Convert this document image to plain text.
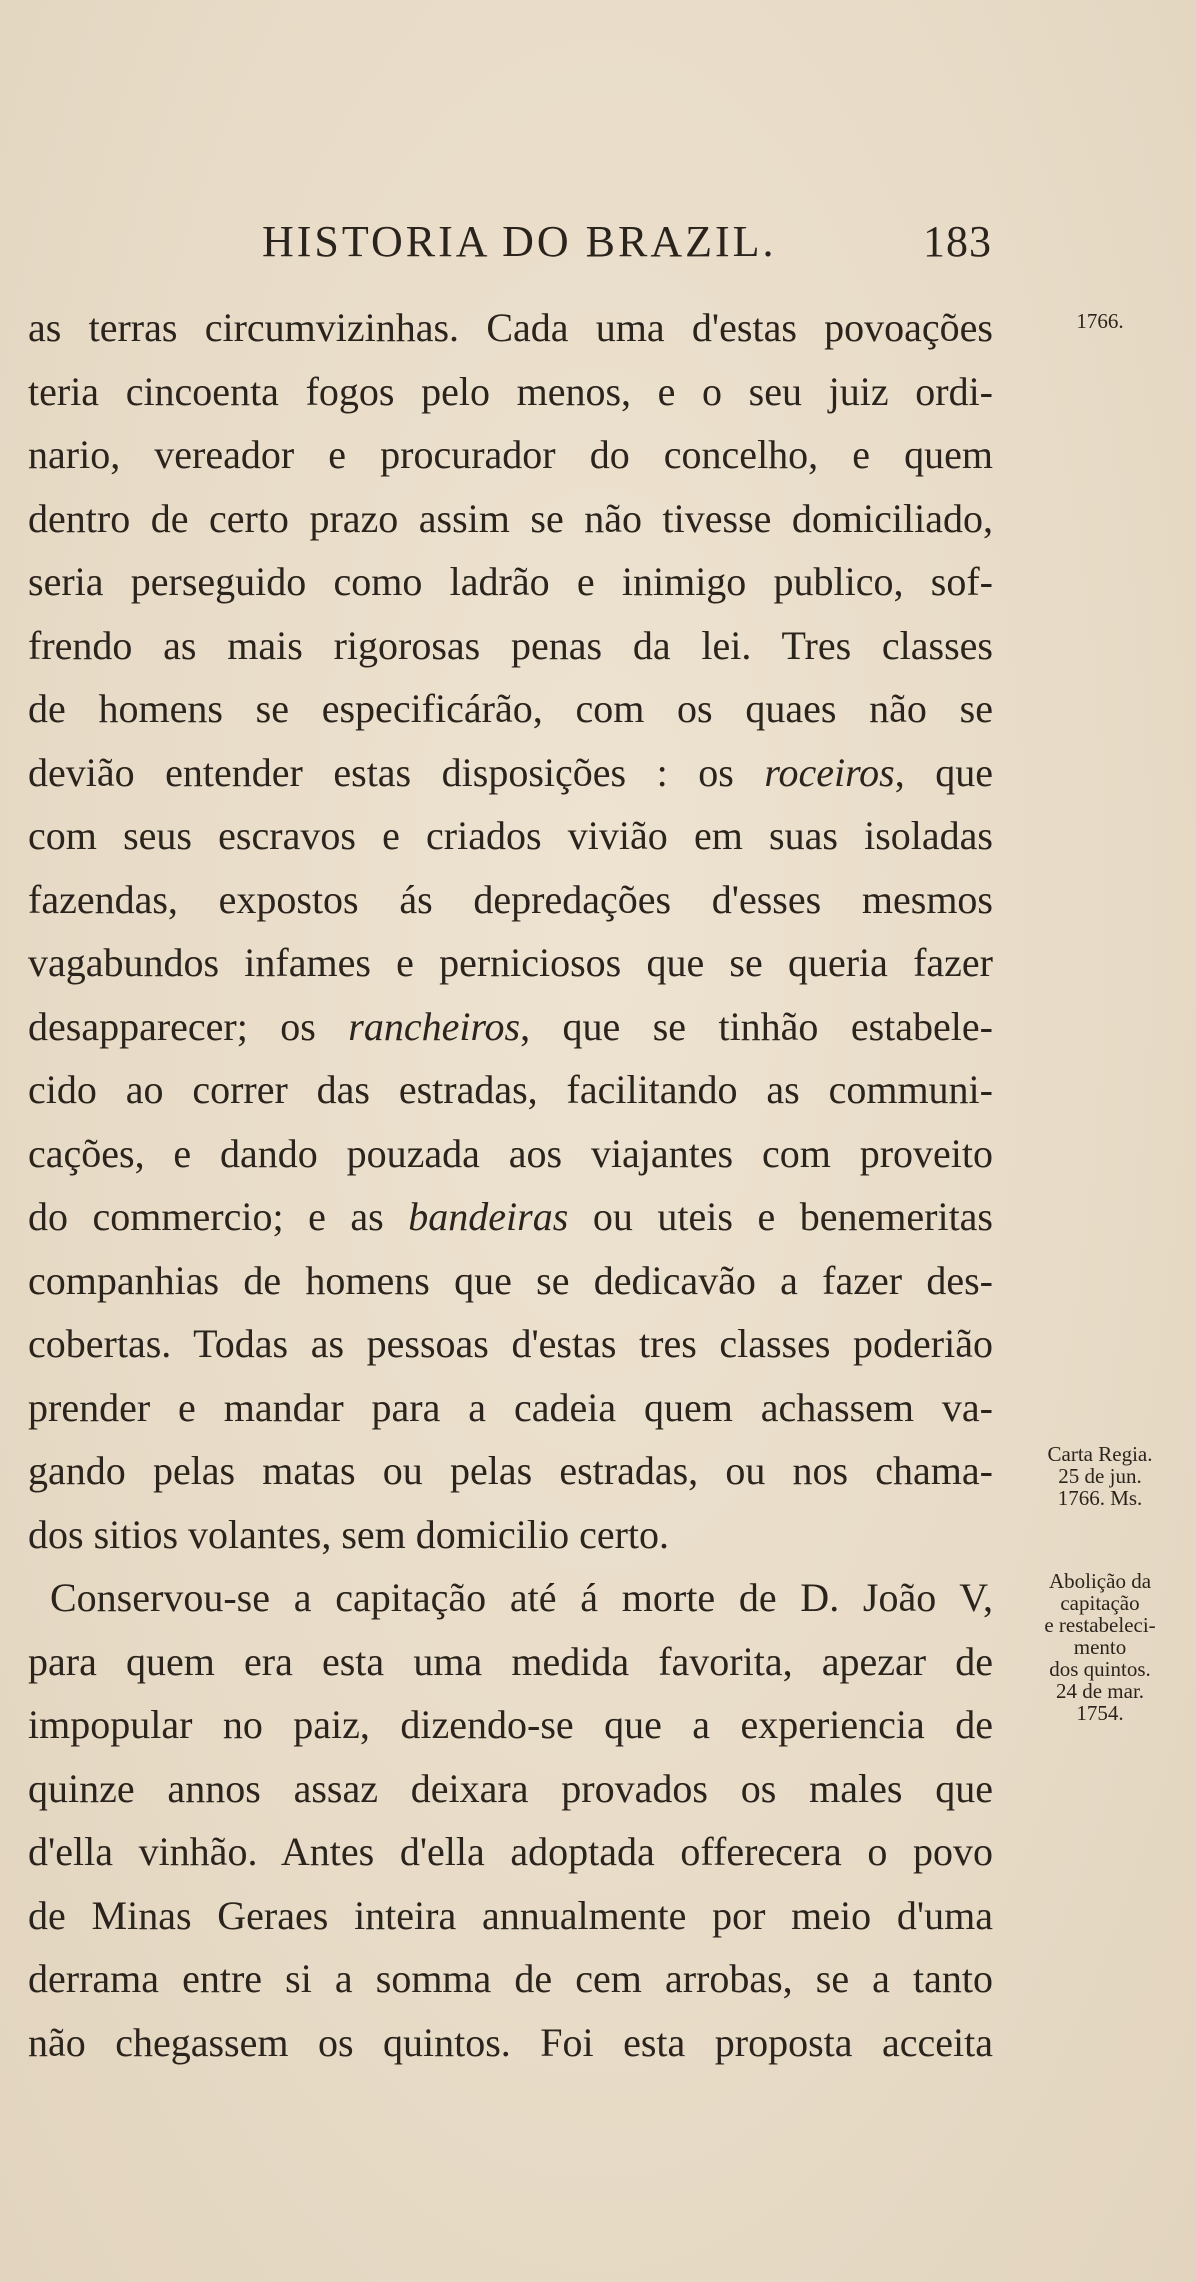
HISTORIA DO BRAZIL.	183
as terras circumvizinhas. Cada uma d'estas povoações
teria cincoenta fogos pelo menos, e o seu juiz ordi-
nario, vereador e procurador do concelho, e quem
dentro de certo prazo assim se não tivesse domiciliado,
seria perseguido como ladrão e inimigo publico, sof-
frendo as mais rigorosas penas da lei. Tres classes
de homens se especificárão, com os quaes não se
devião entender estas disposições : os roceiros, que
com seus escravos e criados vivião em suas isoladas
fazendas, expostos ás depredações d'esses mesmos
vagabundos infames e perniciosos que se queria fazer
desapparecer; os rancheiros, que se tinhão estabele-
cido ao correr das estradas, facilitando as communi-
cações, e dando pouzada aos viajantes com proveito
do commercio; e as bandeiras ou uteis e benemeritas
companhias de homens que se dedicavão a fazer des-
cobertas. Todas as pessoas d'estas tres classes poderião
prender e mandar para a cadeia quem achassem va-
gando pelas matas ou pelas estradas, ou nos chama-
dos sitios volantes, sem domicilio certo.
Conservou-se a capitação até á morte de D. João V,
para quem era esta uma medida favorita, apezar de
impopular no paiz, dizendo-se que a experiencia de
quinze annos assaz deixara provados os males que
d'ella vinhão. Antes d'ella adoptada offerecera o povo
de Minas Geraes inteira annualmente por meio d'uma
derrama entre si a somma de cem arrobas, se a tanto
não chegassem os quintos. Foi esta proposta acceita
1766.
Carta Regia.
25 de jun.
1766. Ms.
Abolição da
capitação
e restabeleci-
mento
dos quintos.
24 de mar.
1754.
